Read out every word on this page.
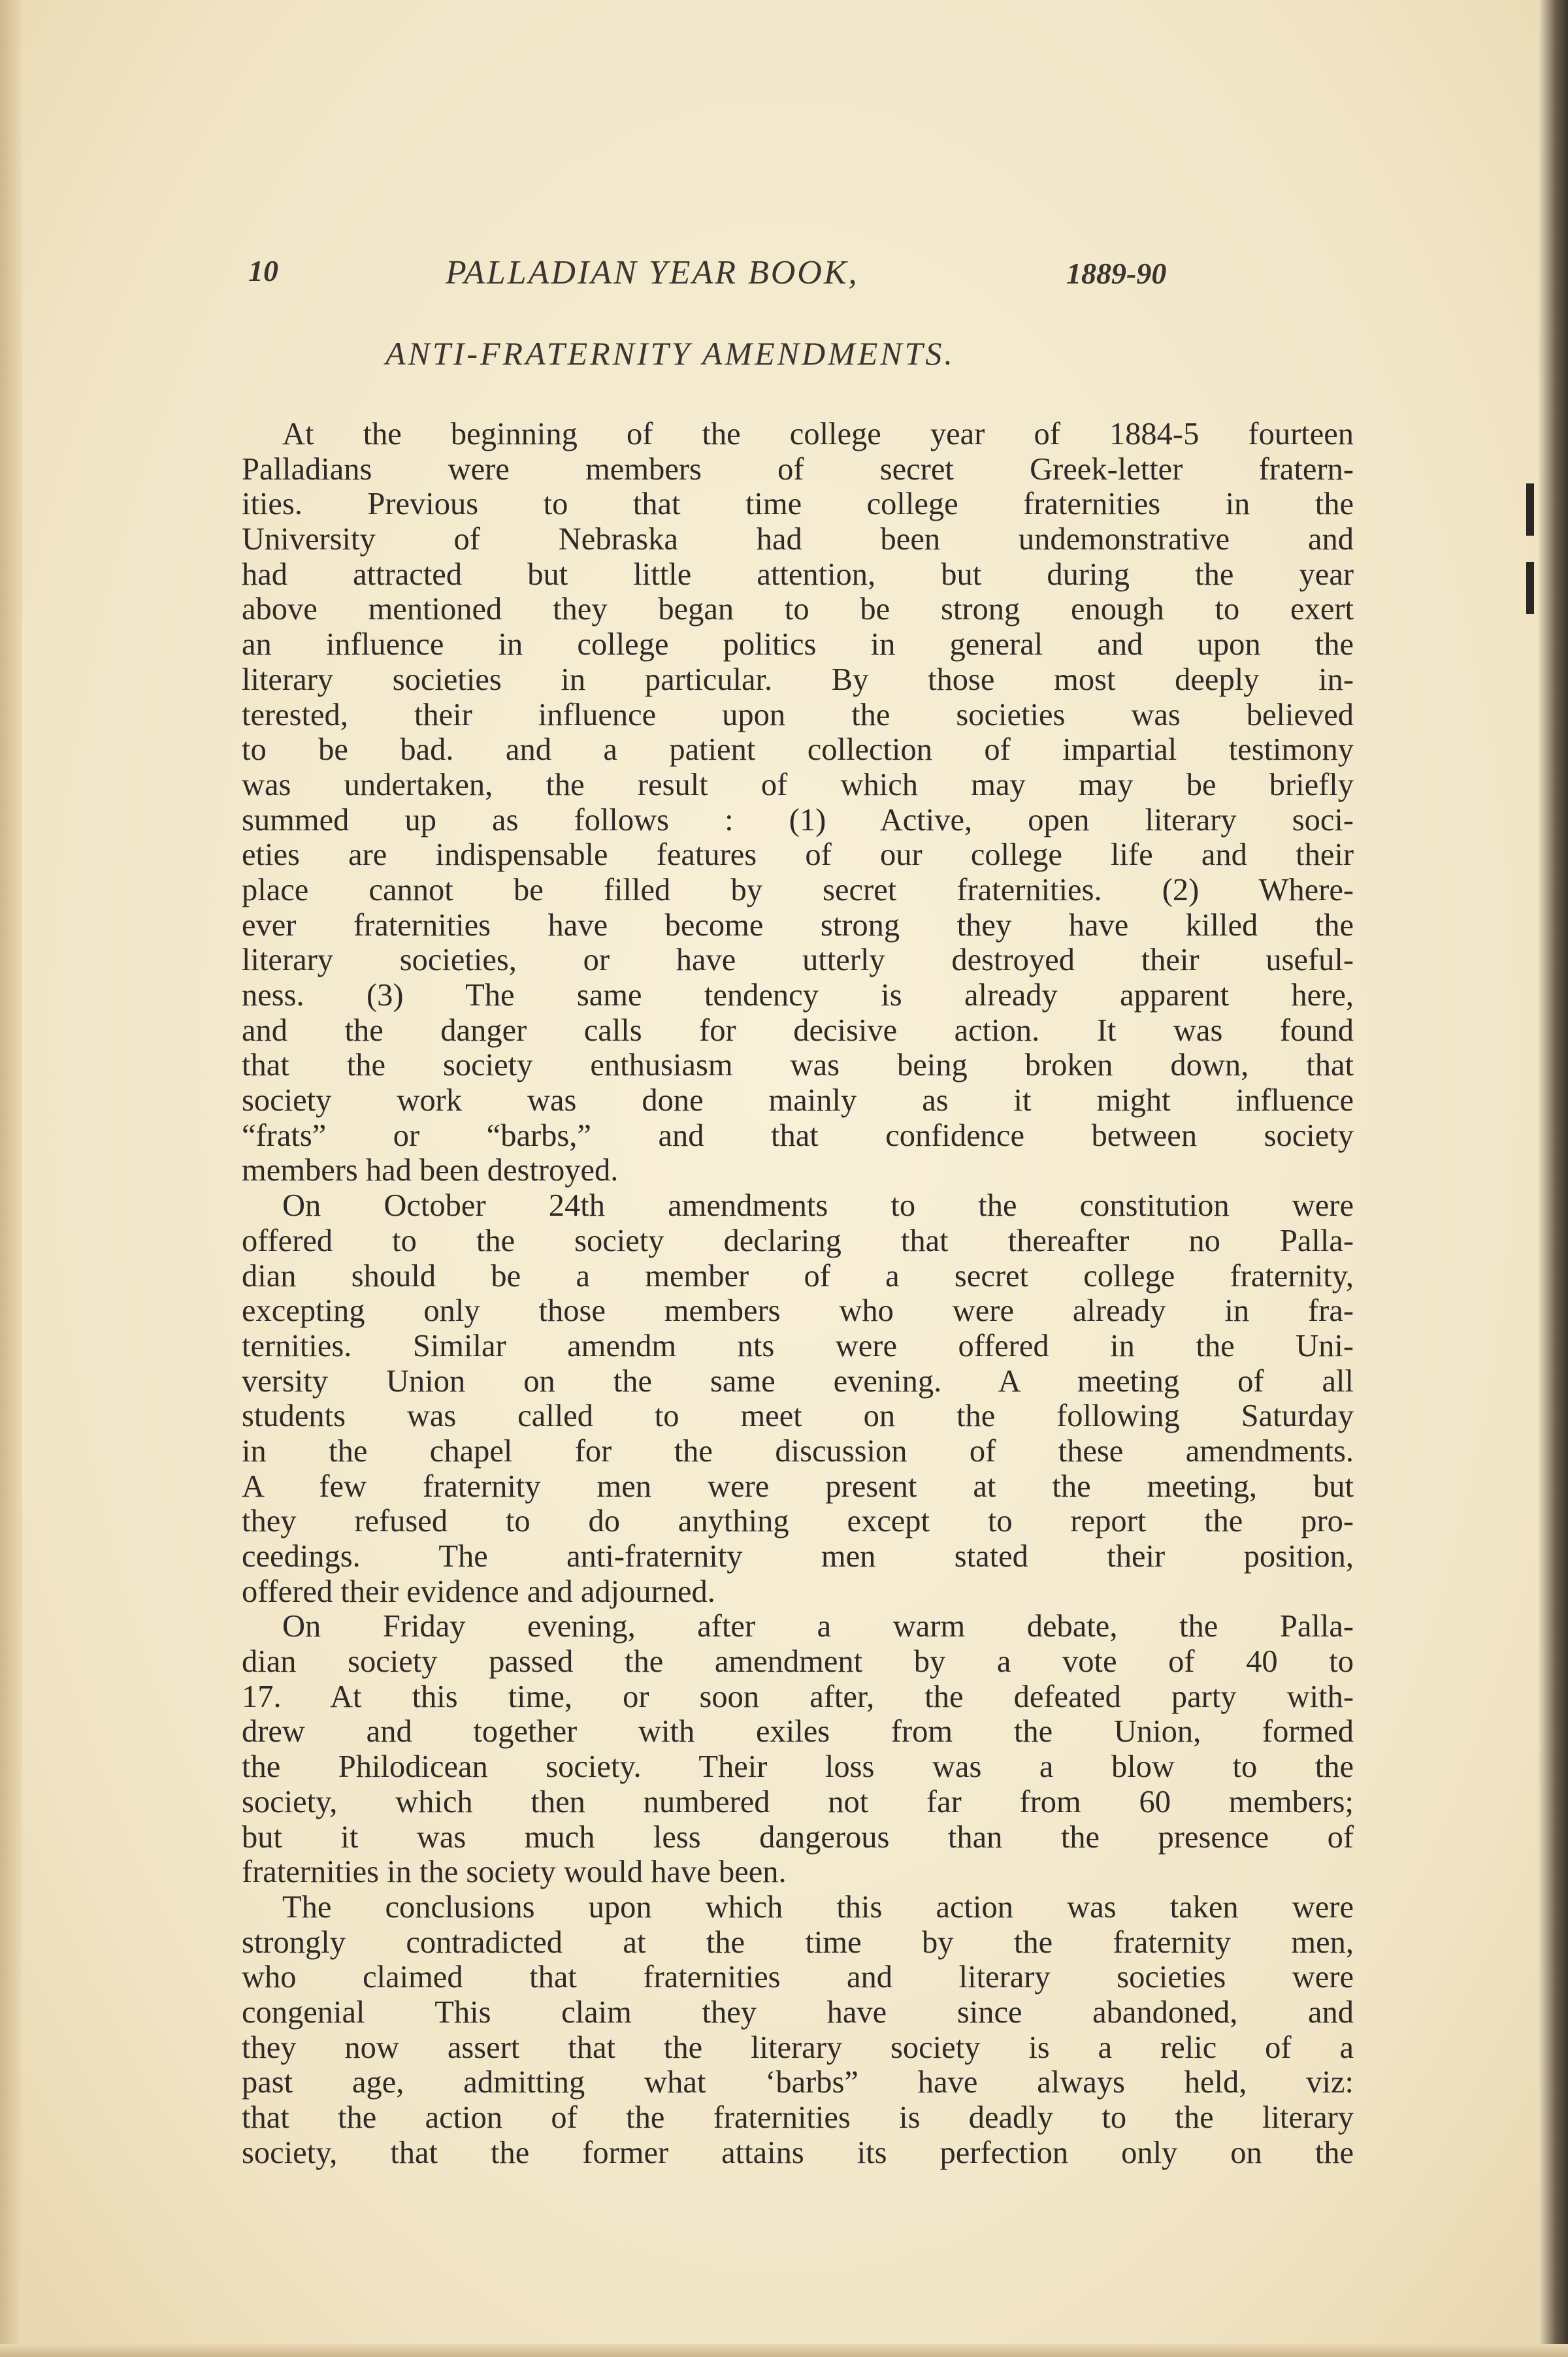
10	PALLADIAN YEAR BOOK,	1889-90
ANTI-FRATERNITY AMENDMENTS.
At the beginning of the college year of 1884-5 fourteen
Palladians were members of secret Greek-letter fratern-
ities. Previous to that time college fraternities in the
University of Nebraska had been undemonstrative and
had attracted but little attention, but during the year
above mentioned they began to be strong enough to exert
an influence in college politics in general and upon the
literary societies in particular. By those most deeply in-
terested, their influence upon the societies was believed
to be bad. and a patient collection of impartial testimony
was undertaken, the result of which may may be briefly
summed up as follows : (1) Active, open literary soci-
eties are indispensable features of our college life and their
place cannot be filled by secret fraternities. (2) Where-
ever fraternities have become strong they have killed the
literary societies, or have utterly destroyed their useful-
ness. (3) The same tendency is already apparent here,
and the danger calls for decisive action. It was found
that the society enthusiasm was being broken down, that
society work was done mainly as it might influence
“frats” or “barbs,” and that confidence between society
members had been destroyed.
On October 24th amendments to the constitution were
offered to the society declaring that thereafter no Palla-
dian should be a member of a secret college fraternity,
excepting only those members who were already in fra-
ternities. Similar amendm nts were offered in the Uni-
versity Union on the same evening. A meeting of all
students was called to meet on the following Saturday
in the chapel for the discussion of these amendments.
A few fraternity men were present at the meeting, but
they refused to do anything except to report the pro-
ceedings. The anti-fraternity men stated their position,
offered their evidence and adjourned.
On Friday evening, after a warm debate, the Palla-
dian society passed the amendment by a vote of 40 to
17. At this time, or soon after, the defeated party with-
drew and together with exiles from the Union, formed
the Philodicean society. Their loss was a blow to the
society, which then numbered not far from 60 members;
but it was much less dangerous than the presence of
fraternities in the society would have been.
The conclusions upon which this action was taken were
strongly contradicted at the time by the fraternity men,
who claimed that fraternities and literary societies were
congenial This claim they have since abandoned, and
they now assert that the literary society is a relic of a
past age, admitting what ‘barbs” have always held, viz:
that the action of the fraternities is deadly to the literary
society, that the former attains its perfection only on the
